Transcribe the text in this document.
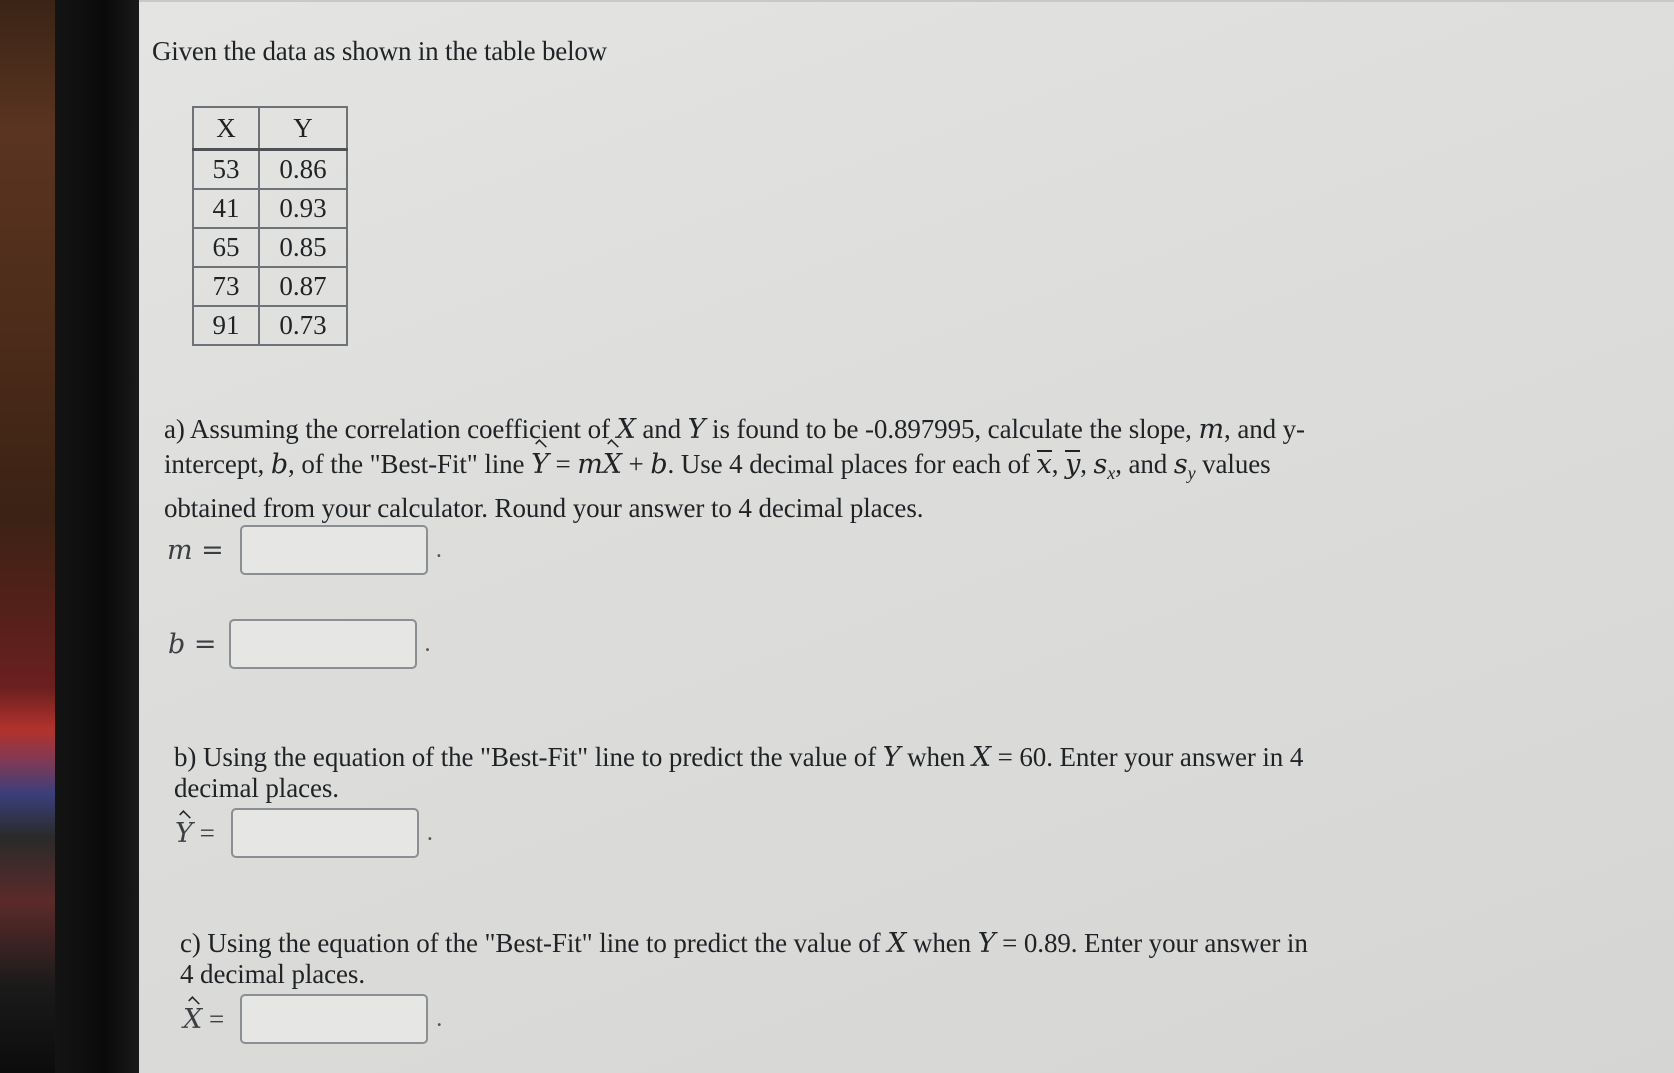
Given the data as shown in the table below
X	Y
53	0.86
41	0.93
65	0.85
73	0.87
91	0.73
a) Assuming the correlation coefficient of X and Y is found to be -0.897995, calculate the slope, m, and y-
intercept, b, of the "Best-Fit" line Y = mX + b. Use 4 decimal places for each of x, y, $s_x$, and $s_y$ values
obtained from your calculator. Round your answer to 4 decimal places.
m =	.
b =	.
b) Using the equation of the "Best-Fit" line to predict the value of Y when X = 60. Enter your answer in 4
decimal places.
Y =	.
c) Using the equation of the "Best-Fit" line to predict the value of X when Y = 0.89. Enter your answer in
4 decimal places.
X =	.
